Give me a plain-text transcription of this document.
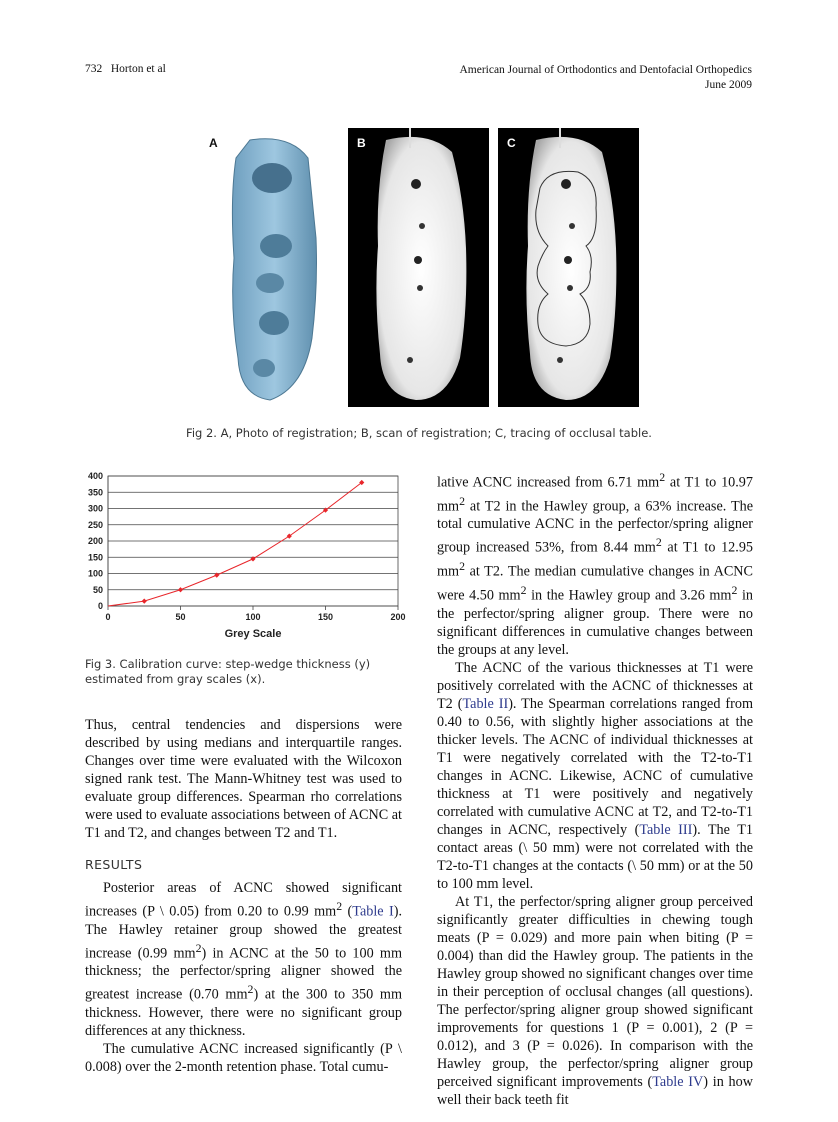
732 Horton et al	American Journal of Orthodontics and Dentofacial Orthopedics
June 2009
A	B	C
Fig 2. A, Photo of registration; B, scan of registration; C, tracing of occlusal table.
0
50
100
150
200
250
300
350
400
0	50	100	150	200
Grey Scale
Fig 3. Calibration curve: step-wedge thickness (y) estimated from gray scales (x).

Thus, central tendencies and dispersions were described by using medians and interquartile ranges. Changes over time were evaluated with the Wilcoxon signed rank test. The Mann-Whitney test was used to evaluate group differences. Spearman rho correlations were used to evaluate associations between of ACNC at T1 and T2, and changes between T2 and T1.

RESULTS

Posterior areas of ACNC showed significant increases (P \ 0.05) from 0.20 to 0.99 $mm^2$ (Table I). The Hawley retainer group showed the greatest increase (0.99 $mm^2$) in ACNC at the 50 to 100 mm thickness; the perfector/spring aligner showed the greatest increase (0.70 $mm^2$) at the 300 to 350 mm thickness. However, there were no significant group differences at any thickness.

The cumulative ACNC increased significantly (P \ 0.008) over the 2-month retention phase. Total cumu-

lative ACNC increased from 6.71 $mm^2$ at T1 to 10.97 $mm^2$ at T2 in the Hawley group, a 63% increase. The total cumulative ACNC in the perfector/spring aligner group increased 53%, from 8.44 $mm^2$ at T1 to 12.95 $mm^2$ at T2. The median cumulative changes in ACNC were 4.50 $mm^2$ in the Hawley group and 3.26 $mm^2$ in the perfector/spring aligner group. There were no significant differences in cumulative changes between the groups at any level.

The ACNC of the various thicknesses at T1 were positively correlated with the ACNC of thicknesses at T2 (Table II). The Spearman correlations ranged from 0.40 to 0.56, with slightly higher associations at the thicker levels. The ACNC of individual thicknesses at T1 were negatively correlated with the T2-to-T1 changes in ACNC. Likewise, ACNC of cumulative thickness at T1 were positively and negatively correlated with cumulative ACNC at T2, and T2-to-T1 changes in ACNC, respectively (Table III). The T1 contact areas (\ 50 mm) were not correlated with the T2-to-T1 changes at the contacts (\ 50 mm) or at the 50 to 100 mm level.

At T1, the perfector/spring aligner group perceived significantly greater difficulties in chewing tough meats (P = 0.029) and more pain when biting (P = 0.004) than did the Hawley group. The patients in the Hawley group showed no significant changes over time in their perception of occlusal changes (all questions). The perfector/spring aligner group showed significant improvements for questions 1 (P = 0.001), 2 (P = 0.012), and 3 (P = 0.026). In comparison with the Hawley group, the perfector/spring aligner group perceived significant improvements (Table IV) in how well their back teeth fit
